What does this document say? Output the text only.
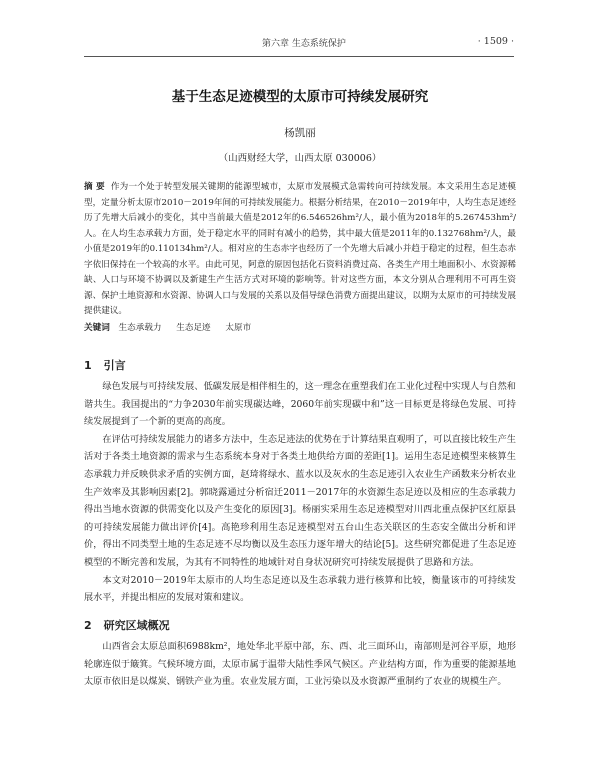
第六章 生态系统保护	· 1509 ·
基于生态足迹模型的太原市可持续发展研究
杨凯丽
（山西财经大学，山西太原 030006）

摘 要 作为一个处于转型发展关键期的能源型城市，太原市发展模式急需转向可持续发展。本文采用生态足迹模型，定量分析太原市2010－2019年间的可持续发展能力。根据分析结果，在2010－2019年中，人均生态足迹经历了先增大后减小的变化，其中当前最大值是2012年的6.546526hm²/人，最小值为2018年的5.267453hm²/人。在人均生态承载力方面，处于稳定水平的同时有减小的趋势，其中最大值是2011年的0.132768hm²/人，最小值是2019年的0.110134hm²/人。相对应的生态赤字也经历了一个先增大后减小并趋于稳定的过程，但生态赤字依旧保持在一个较高的水平。由此可见，阿意的原因包括化石资料消费过高、各类生产用土地面积小、水资源稀缺、人口与环境不协调以及新建生产生活方式对环境的影响等。针对这些方面，本文分别从合理利用不可再生资源、保护土地资源和水资源、协调人口与发展的关系以及倡导绿色消费方面提出建议，以期为太原市的可持续发展提供建议。

关键词 生态承载力 生态足迹 太原市
1 引言

绿色发展与可持续发展、低碳发展是相伴相生的，这一理念在重塑我们在工业化过程中实现人与自然和谐共生。我国提出的“力争2030年前实现碳达峰，2060年前实现碳中和”这一目标更是将绿色发展、可持续发展提到了一个新的更高的高度。

在评估可持续发展能力的诸多方法中，生态足迹法的优势在于计算结果直观明了，可以直接比较生产生活对于各类土地资源的需求与生态系统本身对于各类土地供给方面的差距[1]。运用生态足迹模型来核算生态承载力并反映供求矛盾的实例方面，赵琦将绿水、蓝水以及灰水的生态足迹引入农业生产函数来分析农业生产效率及其影响因素[2]。郭晓露通过分析宿迁2011－2017年的水资源生态足迹以及相应的生态承载力得出当地水资源的供需变化以及产生变化的原因[3]。杨丽实采用生态足迹模型对川西北重点保护区红原县的可持续发展能力做出评价[4]。高艳珍利用生态足迹模型对五台山生态关联区的生态安全做出分析和评价，得出不同类型土地的生态足迹不尽均衡以及生态压力逐年增大的结论[5]。这些研究都促进了生态足迹模型的不断完善和发展，为其有不同特性的地域针对自身状况研究可持续发展提供了思路和方法。

本文对2010－2019年太原市的人均生态足迹以及生态承载力进行核算和比较，衡量该市的可持续发展水平，并提出相应的发展对策和建议。

2 研究区域概况

山西省会太原总面积6988km²，地处华北平原中部，东、西、北三面环山，南部则是河谷平原，地形轮廓连似于簸箕。气候环境方面，太原市属于温带大陆性季风气候区。产业结构方面，作为重要的能源基地太原市依旧是以煤炭、钢铁产业为重。农业发展方面，工业污染以及水资源严重制约了农业的规模生产。
